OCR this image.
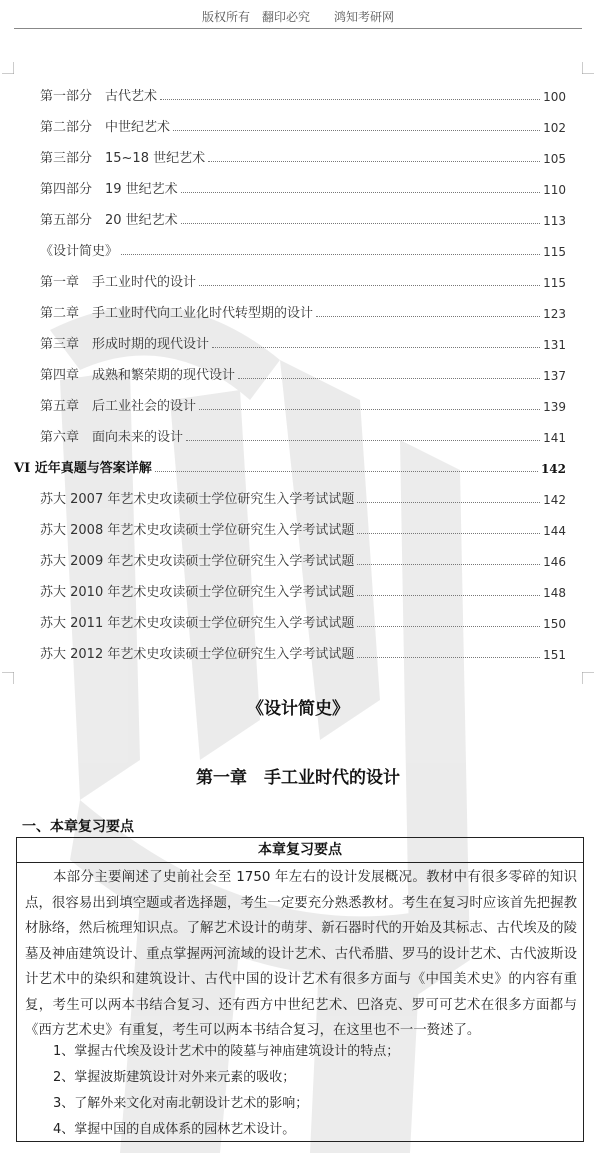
版权所有　翻印必究　　鸿知考研网
第一部分　古代艺术	100
第二部分　中世纪艺术	102
第三部分　15~18 世纪艺术	105
第四部分　19 世纪艺术	110
第五部分　20 世纪艺术	113
《设计简史》	115
第一章　手工业时代的设计	115
第二章　手工业时代向工业化时代转型期的设计	123
第三章　形成时期的现代设计	131
第四章　成熟和繁荣期的现代设计	137
第五章　后工业社会的设计	139
第六章　面向未来的设计	141
VI 近年真题与答案详解	142
苏大 2007 年艺术史攻读硕士学位研究生入学考试试题	142
苏大 2008 年艺术史攻读硕士学位研究生入学考试试题	144
苏大 2009 年艺术史攻读硕士学位研究生入学考试试题	146
苏大 2010 年艺术史攻读硕士学位研究生入学考试试题	148
苏大 2011 年艺术史攻读硕士学位研究生入学考试试题	150
苏大 2012 年艺术史攻读硕士学位研究生入学考试试题	151
《设计简史》
第一章　手工业时代的设计
一、本章复习要点
本章复习要点
本部分主要阐述了史前社会至 1750 年左右的设计发展概况。教材中有很多零碎的知识点，很容易出到填空题或者选择题，考生一定要充分熟悉教材。考生在复习时应该首先把握教材脉络，然后梳理知识点。了解艺术设计的萌芽、新石器时代的开始及其标志、古代埃及的陵墓及神庙建筑设计、重点掌握两河流域的设计艺术、古代希腊、罗马的设计艺术、古代波斯设计艺术中的染织和建筑设计、古代中国的设计艺术有很多方面与《中国美术史》的内容有重复，考生可以两本书结合复习、还有西方中世纪艺术、巴洛克、罗可可艺术在很多方面都与《西方艺术史》有重复，考生可以两本书结合复习，在这里也不一一赘述了。
1、掌握古代埃及设计艺术中的陵墓与神庙建筑设计的特点；
2、掌握波斯建筑设计对外来元素的吸收；
3、了解外来文化对南北朝设计艺术的影响；
4、掌握中国的自成体系的园林艺术设计。
